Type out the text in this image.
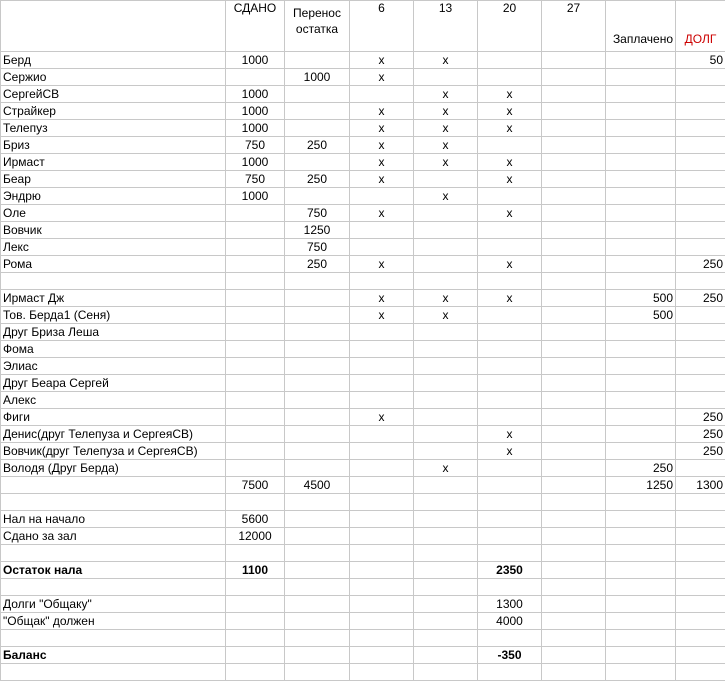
	СДАНО	Перенос остатка	6	13	20	27	Заплачено	ДОЛГ
Берд	1000		x	x				50
Сержио		1000	x					
СергейСВ	1000			x	x			
Страйкер	1000		x	x	x			
Телепуз	1000		x	x	x			
Бриз	750	250	x	x				
Ирмаст	1000		x	x	x			
Беар	750	250	x		x			
Эндрю	1000			x				
Олe		750	x		x			
Вовчик		1250						
Лекс		750						
Рома		250	x		x			250

Ирмаст Дж			x	x	x		500	250
Тов. Берда1 (Сеня)			x	x			500	
Друг Бриза Леша								
Фома								
Элиас								
Друг Беара Сергей								
Алекс								
Фиги			x					250
Денис(друг Телепуза и СергеяСВ)					x			250
Вовчик(друг Телепуза и СергеяСВ)					x			250
Володя (Друг Берда)				x			250	
	7500	4500					1250	1300

Нал на начало	5600							
Сдано за зал	12000							

Остаток нала	1100				2350			

Долги "Общаку"					1300			
"Общак" должен					4000			

Баланс					-350			
